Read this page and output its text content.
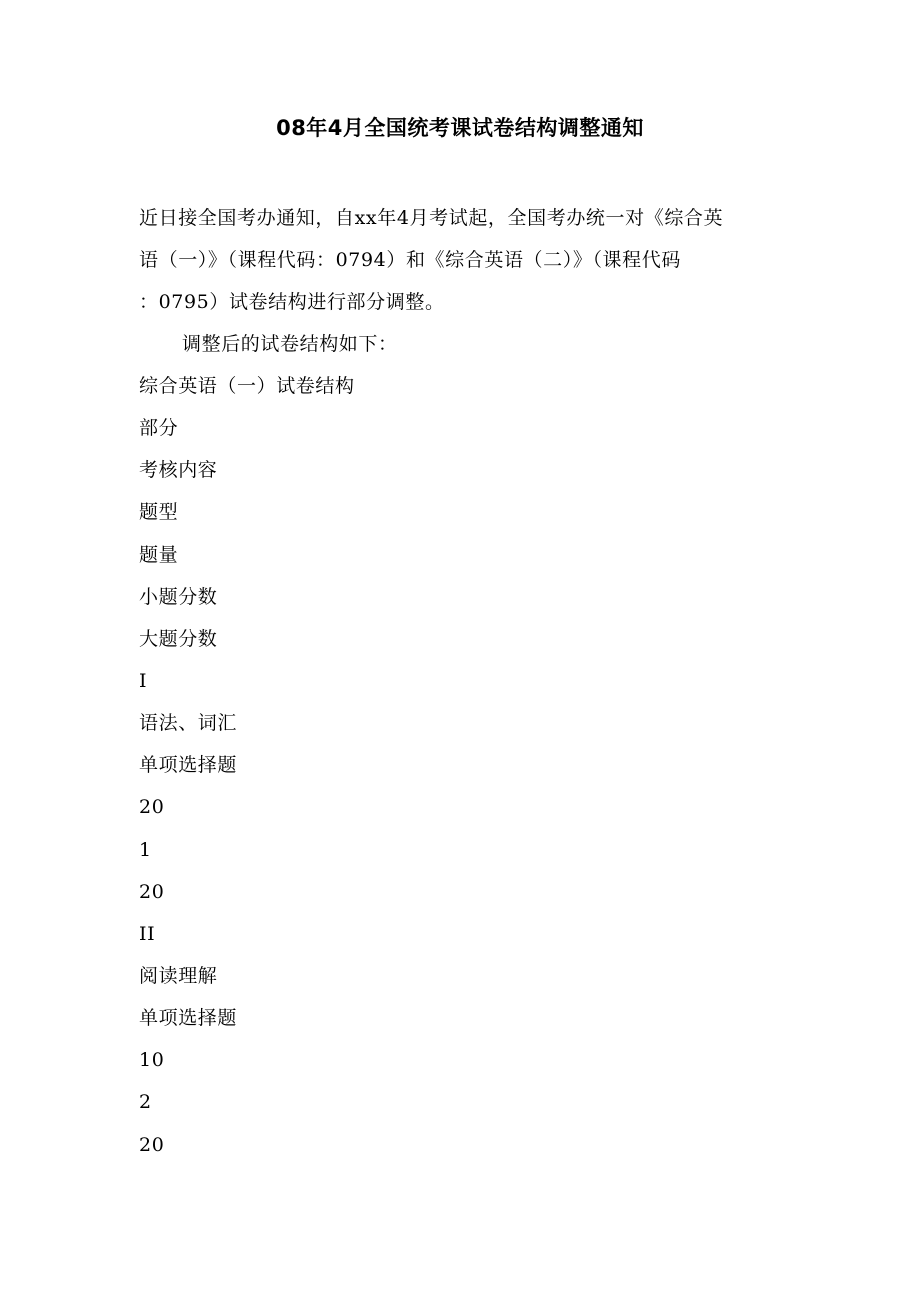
08年4月全国统考课试卷结构调整通知
近日接全国考办通知，自xx年4月考试起，全国考办统一对《综合英
语（一）》（课程代码：0794）和《综合英语（二）》（课程代码
：0795）试卷结构进行部分调整。
调整后的试卷结构如下：
综合英语（一）试卷结构
部分
考核内容
题型
题量
小题分数
大题分数
I
语法、词汇
单项选择题
20
1
20
II
阅读理解
单项选择题
10
2
20
